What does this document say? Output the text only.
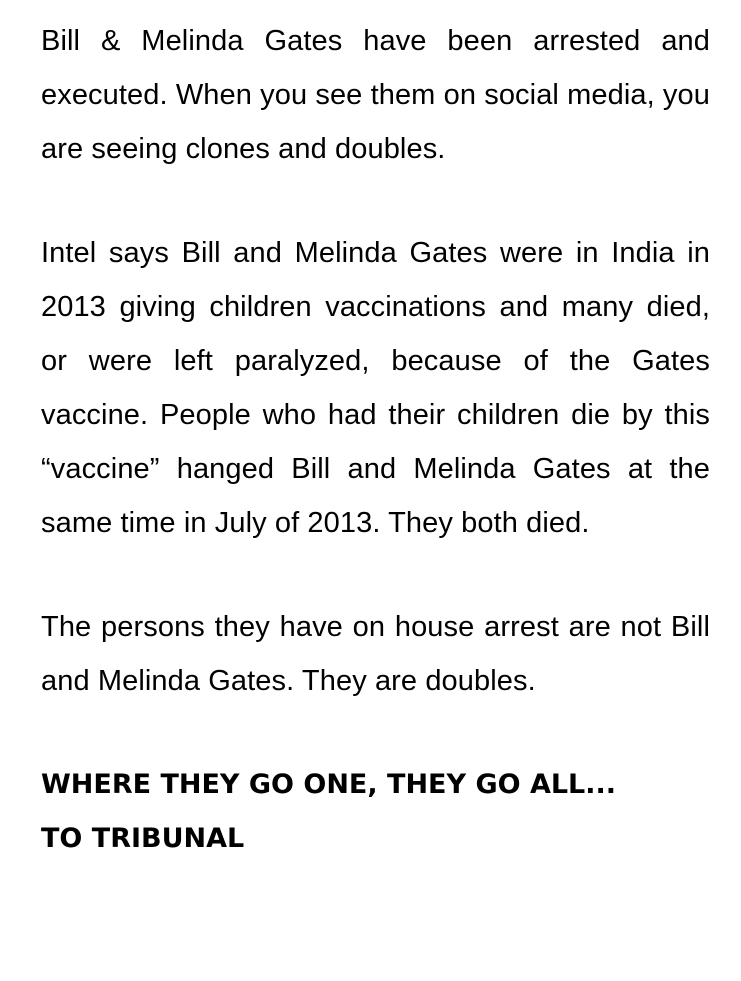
Bill & Melinda Gates have been arrested and executed. When you see them on social media, you are seeing clones and doubles.

Intel says Bill and Melinda Gates were in India in 2013 giving children vaccinations and many died, or were left paralyzed, because of the Gates vaccine. People who had their children die by this “vaccine” hanged Bill and Melinda Gates at the same time in July of 2013. They both died.

The persons they have on house arrest are not Bill and Melinda Gates. They are doubles.

WHERE THEY GO ONE, THEY GO ALL...
TO TRIBUNAL
